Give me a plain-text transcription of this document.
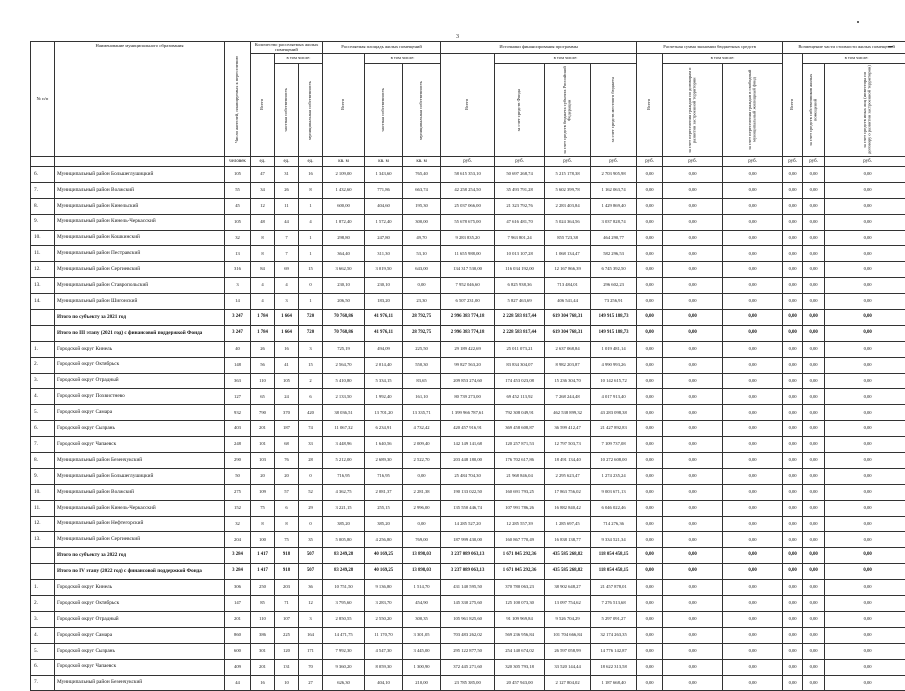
3
№ п/п	Наименование муниципального образования	Число жителей, планируемых к переселению	Количество расселяемых жилых помещений			Расселяемая площадь жилых помещений			Источники финансирования программы				Расчетная сумма экономии бюджетных средств			Возмещение части стоимости жилых помещений		

			Всего	в том числе:		Всего	в том числе:		Всего	в том числе:			Всего	в том числе:		Всего	в том числе:	

				частная собственность	муниципальная собственность		частная собственность	муниципальная собственность		за счет средств Фонда	за счет средств бюджета субъекта Российской Федерации	за счет средств местного бюджета		за счет переселения граждан по договорам о развитии застроенной территории	за счет переселения граждан в свободный муниципальный жилищный фонд		за счет средств собственников жилых помещений	за счет средств иных лиц (инвестора по договору о развитии застроенной территории)

		человек	ед.	ед.	ед.	кв. м	кв. м	кв. м	руб.	руб.	руб.	руб.	руб.	руб.	руб.	руб.	руб.	руб.
6.	Муниципальный район Большеглушицкий	105	47	31	16	2 109,00	1 343,60	765,40	58 615 353,10	50 697 268,74	5 215 178,38	2 703 905,98	0,00	0,00	0,00	0,00	0,00	0,00
7.	Муниципальный район Волжский	55	34	26	8	1 432,60	771,86	663,74	42 258 254,50	35 493 791,28	5 602 399,78	1 162 063,74	0,00	0,00	0,00	0,00	0,00	0,00
8.	Муниципальный район Кинельский	45	12	11	1	600,00	404,60	195,30	25 037 066,00	21 323 792,76	2 283 403,84	1 429 869,40	0,00	0,00	0,00	0,00	0,00	0,00
9.	Муниципальный район Кинель-Черкасский	105	48	44	4	1 872,40	1 572,40	300,00	55 678 675,00	47 616 481,70	5 024 364,56	3 037 828,74	0,00	0,00	0,00	0,00	0,00	0,00
10.	Муниципальный район Кошкинский	32	8	7	1	298,80	247,80	49,70	9 283 835,20	7 963 801,24	855 723,38	464 290,77	0,00	0,00	0,00	0,00	0,00	0,00
11.	Муниципальный район Пестравский	13	8	7	1	364,40	311,30	53,10	11 655 988,00	10 013 107,28	1 068 134,47	582 296,53	0,00	0,00	0,00	0,00	0,00	0,00
12.	Муниципальный район Сергиевский	316	84	69	15	3 662,50	3 019,50	643,00	134 317 530,00	116 034 192,00	12 167 866,39	6 745 392,50	0,00	0,00	0,00	0,00	0,00	0,00
13.	Муниципальный район Ставропольский	3	4	4	0	230,10	230,10	0,00	7 952 046,60	6 825 938,36	713 484,01	296 602,23	0,00	0,00	0,00	0,00	0,00	0,00
14.	Муниципальный район Шигонский	14	4	3	1	206,50	183,20	23,30	6 507 231,00	5 827 463,69	406 541,44	73 256,91	0,00	0,00	0,00	0,00	0,00	0,00
	Итого по субъекту за 2021 год	3 247	1 784	1 664	720	70 768,86	41 976,11	28 792,75	2 996 383 774,18	2 228 583 817,44	619 304 768,31	149 915 188,73	0,00	0,00	0,00	0,00	0,00	0,00
	Итого по III этапу (2021 год) с финансовой поддержкой Фонда	3 247	1 784	1 664	720	70 768,86	41 976,11	28 792,75	2 996 383 774,18	2 228 583 817,44	619 304 768,31	149 915 188,73	0,00	0,00	0,00	0,00	0,00	0,00
1.	Городской округ Кинель	40	26	16	3	725,19	494,09	225,50	29 189 422,69	25 011 073,21	2 637 068,84	1 019 481,14	0,00	0,00	0,00	0,00	0,00	0,00
2.	Городской округ Октябрьск	148	56	41	15	2 564,70	2 014,40	550,30	99 827 563,20	83 834 304,07	8 982 203,87	4 990 993,26	0,00	0,00	0,00	0,00	0,00	0,00
3.	Городской округ Отрадный	363	110	105	2	5 410,80	5 334,15	83,65	209 853 274,60	174 453 023,08	15 236 304,70	10 142 615,72	0,00	0,00	0,00	0,00	0,00	0,00
4.	Городской округ Похвистнево	127	65	24	6	2 133,50	1 992,40	161,10	80 739 273,00	69 452 113,92	7 268 244,48	4 017 913,40	0,00	0,00	0,00	0,00	0,00	0,00
5.	Городской округ Самара	932	790	370	420	38 036,51	13 701,20	13 335,71	1 399 966 787,61	792 308 049,91	462 538 899,32	43 283 098,38	0,00	0,00	0,00	0,00	0,00	0,00
6.	Городской округ Сызрань	403	201	187	74	11 067,32	6 234,91	4 732,42	420 457 916,91	369 458 608,87	36 599 412,47	21 427 892,83	0,00	0,00	0,00	0,00	0,00	0,00
7.	Городской округ Чапаевск	248	101	68	33	3 448,96	1 640,56	2 009,40	142 149 141,68	120 257 871,53	12 797 503,73	7 109 737,08	0,00	0,00	0,00	0,00	0,00	0,00
8.	Муниципальный район Безенчукский	290	103	76	28	5 212,00	2 689,30	2 522,70	203 448 180,00	176 702 617,86	18 491 134,40	10 272 608,00	0,00	0,00	0,00	0,00	0,00	0,00
9.	Муниципальный район Большеглушицкий	50	20	20	0	716,95	716,95	0,00	25 484 704,30	21 968 846,04	2 295 623,47	1 274 235,24	0,00	0,00	0,00	0,00	0,00	0,00
10.	Муниципальный район Волжский	275	109	57	52	4 362,75	2 081,37	2 281,38	190 133 022,50	160 691 793,25	17 863 756,02	9 003 671,13	0,00	0,00	0,00	0,00	0,00	0,00
11.	Муниципальный район Кинель-Черкасский	152	75	6	29	3 221,15	255,15	2 996,00	135 550 446,74	107 991 786,26	16 882 840,42	6 046 022,46	0,00	0,00	0,00	0,00	0,00	0,00
12.	Муниципальный район Нефтегорский	32	8	8	0	385,20	385,20	0,00	14 285 527,20	12 285 557,39	1 285 697,45	714 276,36	0,00	0,00	0,00	0,00	0,00	0,00
13.	Муниципальный район Сергиевский	204	100	75	35	5 005,80	4 256,80	769,00	187 999 430,00	160 867 770,49	16 838 138,77	9 334 521,34	0,00	0,00	0,00	0,00	0,00	0,00
	Итого по субъекту за 2022 год	3 284	1 417	918	507	83 249,28	40 169,25	13 898,03	3 237 089 063,13	1 671 845 292,36	435 585 268,82	118 054 458,15	0,00	0,00	0,00	0,00	0,00	0,00
	Итого по IV этапу (2022 год) с финансовой поддержкой Фонда	3 284	1 417	918	507	83 249,28	40 169,25	13 898,03	3 237 089 063,13	1 671 845 292,36	435 585 268,82	118 054 458,15	0,00	0,00	0,00	0,00	0,00	0,00
1.	Городской округ Кинель	306	250	203	36	10 751,50	9 136,80	1 514,70	431 140 595,50	370 780 063,23	38 902 648,27	21 457 878,01	0,00	0,00	0,00	0,00	0,00	0,00
2.	Городской округ Октябрьск	147	85	71	12	3 795,60	3 283,70	454,90	145 330 275,60	125 100 073,30	13 097 754,62	7 276 513,68	0,00	0,00	0,00	0,00	0,00	0,00
3.	Городской округ Отрадный	201	110	107	3	2 850,55	2 550,20	300,35	105 961 825,60	91 109 969,84	9 526 704,29	5 297 091,27	0,00	0,00	0,00	0,00	0,00	0,00
4.	Городской округ Самара	860	386	225	164	14 471,75	11 170,70	3 301,05	703 483 262,02	569 236 956,84	101 704 666,84	32 174 263,35	0,00	0,00	0,00	0,00	0,00	0,00
5.	Городской округ Сызрань	600	301	120	171	7 992,30	4 547,30	3 445,00	295 122 877,50	254 140 674,02	26 597 058,99	14 776 142,87	0,00	0,00	0,00	0,00	0,00	0,00
6.	Городской округ Чапаевск	409	201	131	70	9 360,20	8 059,30	1 300,90	372 445 271,60	320 305 793,18	33 520 144,44	18 622 313,58	0,00	0,00	0,00	0,00	0,00	0,00
7.	Муниципальный район Безенчукский	44	16	10	27	626,30	404,10	210,00	23 785 385,00	20 457 943,00	2 127 804,02	1 187 668,40	0,00	0,00	0,00	0,00	0,00	0,00
